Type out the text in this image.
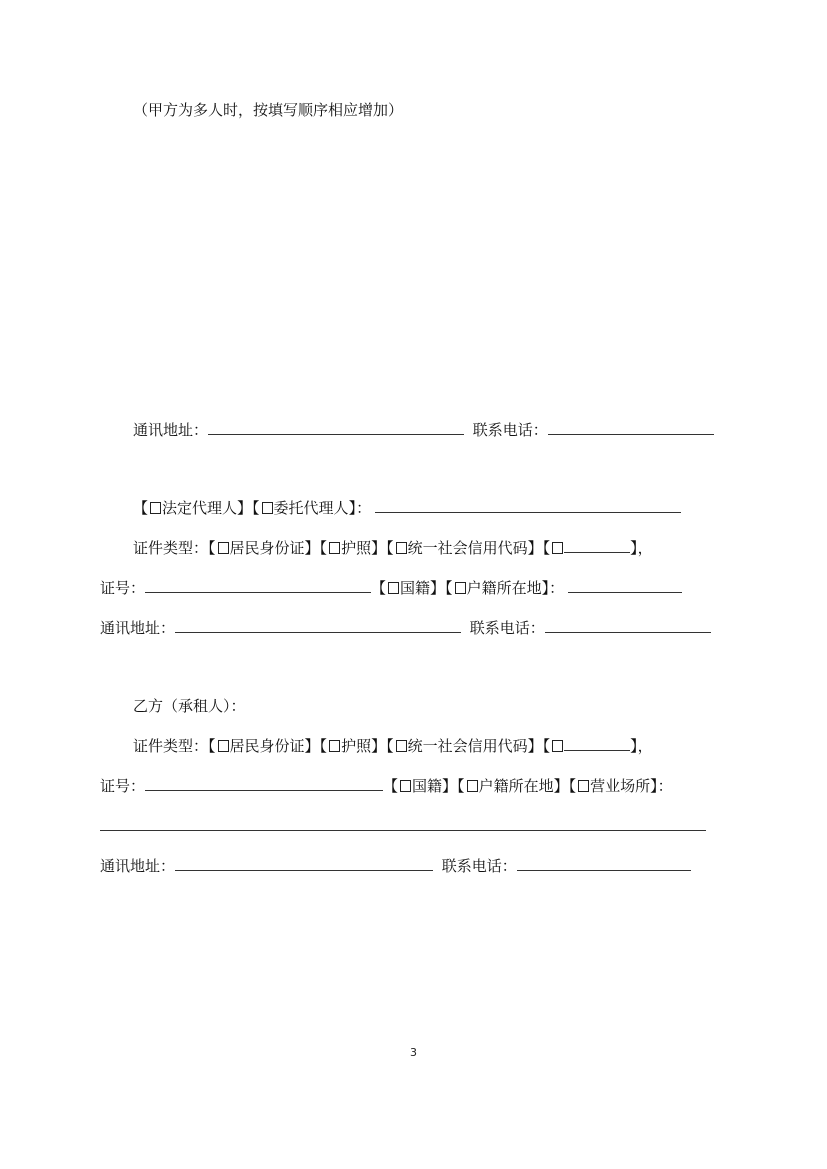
（甲方为多人时，按填写顺序相应增加）
通讯地址：	联系电话：
【 法定代理人】【 委托代理人】：
证件类型：【 居民身份证】【 护照】【 统一社会信用代码】【	】，
证号：	【 国籍】【 户籍所在地】：
通讯地址：	联系电话：
乙方（承租人）：
证件类型：【 居民身份证】【 护照】【 统一社会信用代码】【	】，
证号：	【 国籍】【 户籍所在地】【 营业场所】：
通讯地址：	联系电话：
3
